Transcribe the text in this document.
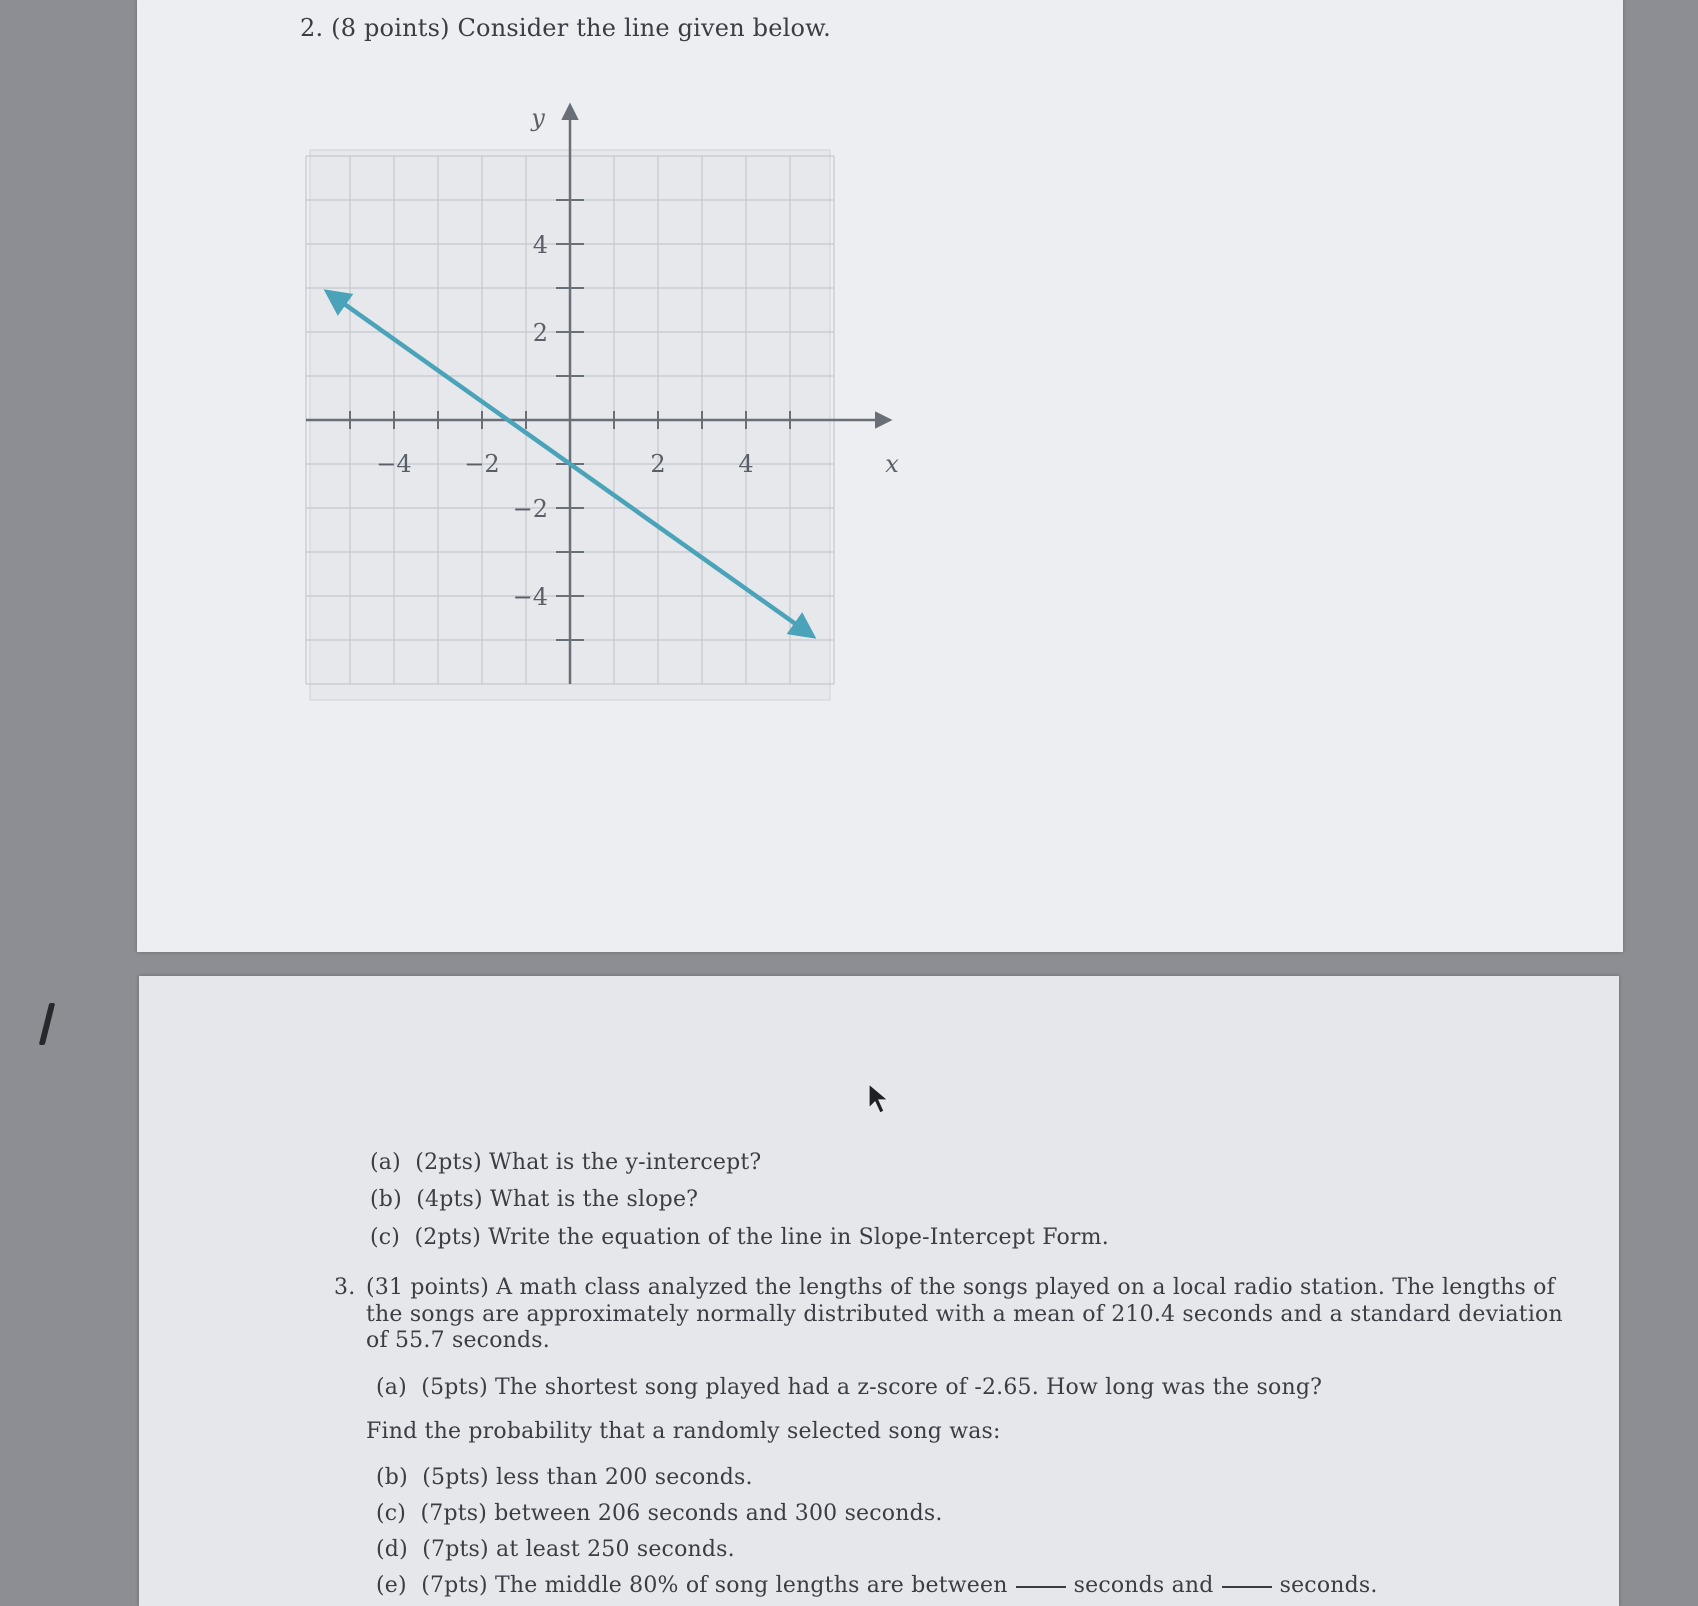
2. (8 points) Consider the line given below.
−4 −2	2	4
4
2
−2
−4
x
y
(a) (2pts) What is the y-intercept?
(b) (4pts) What is the slope?
(c) (2pts) Write the equation of the line in Slope-Intercept Form.
3. (31 points) A math class analyzed the lengths of the songs played on a local radio station. The lengths of
the songs are approximately normally distributed with a mean of 210.4 seconds and a standard deviation
of 55.7 seconds.
(a) (5pts) The shortest song played had a z-score of -2.65. How long was the song?
Find the probability that a randomly selected song was:
(b) (5pts) less than 200 seconds.
(c) (7pts) between 206 seconds and 300 seconds.
(d) (7pts) at least 250 seconds.
(e) (7pts) The middle 80% of song lengths are between	seconds and	seconds.
